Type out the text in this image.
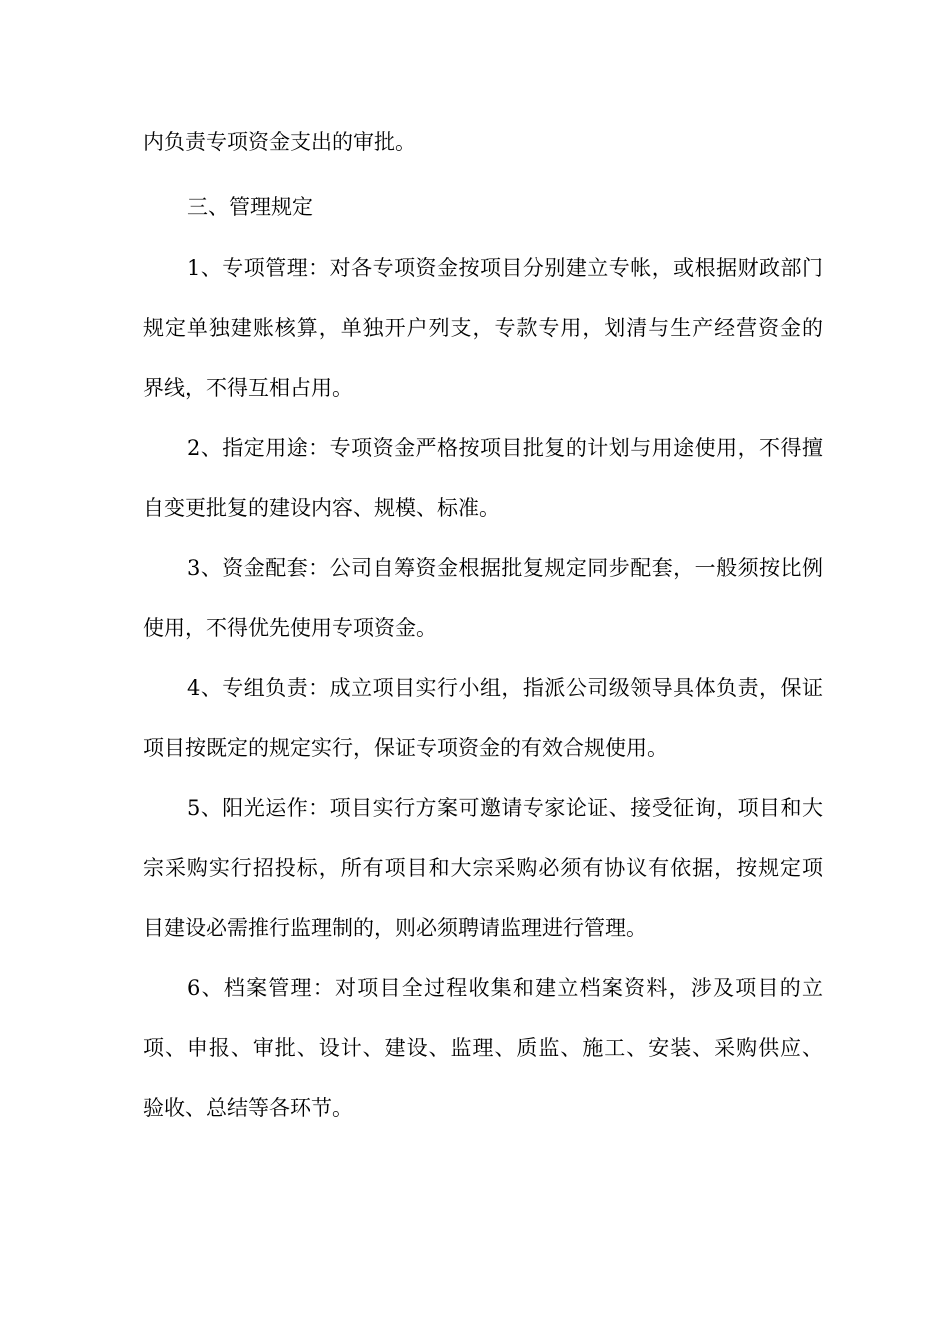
内负责专项资金支出的审批。
三、管理规定
1、专项管理：对各专项资金按项目分别建立专帐，或根据财政部门
规定单独建账核算，单独开户列支，专款专用，划清与生产经营资金的
界线，不得互相占用。
2、指定用途：专项资金严格按项目批复的计划与用途使用，不得擅
自变更批复的建设内容、规模、标准。
3、资金配套：公司自筹资金根据批复规定同步配套，一般须按比例
使用，不得优先使用专项资金。
4、专组负责：成立项目实行小组，指派公司级领导具体负责，保证
项目按既定的规定实行，保证专项资金的有效合规使用。
5、阳光运作：项目实行方案可邀请专家论证、接受征询，项目和大
宗采购实行招投标，所有项目和大宗采购必须有协议有依据，按规定项
目建设必需推行监理制的，则必须聘请监理进行管理。
6、档案管理：对项目全过程收集和建立档案资料，涉及项目的立
项、申报、审批、设计、建设、监理、质监、施工、安装、采购供应、
验收、总结等各环节。
